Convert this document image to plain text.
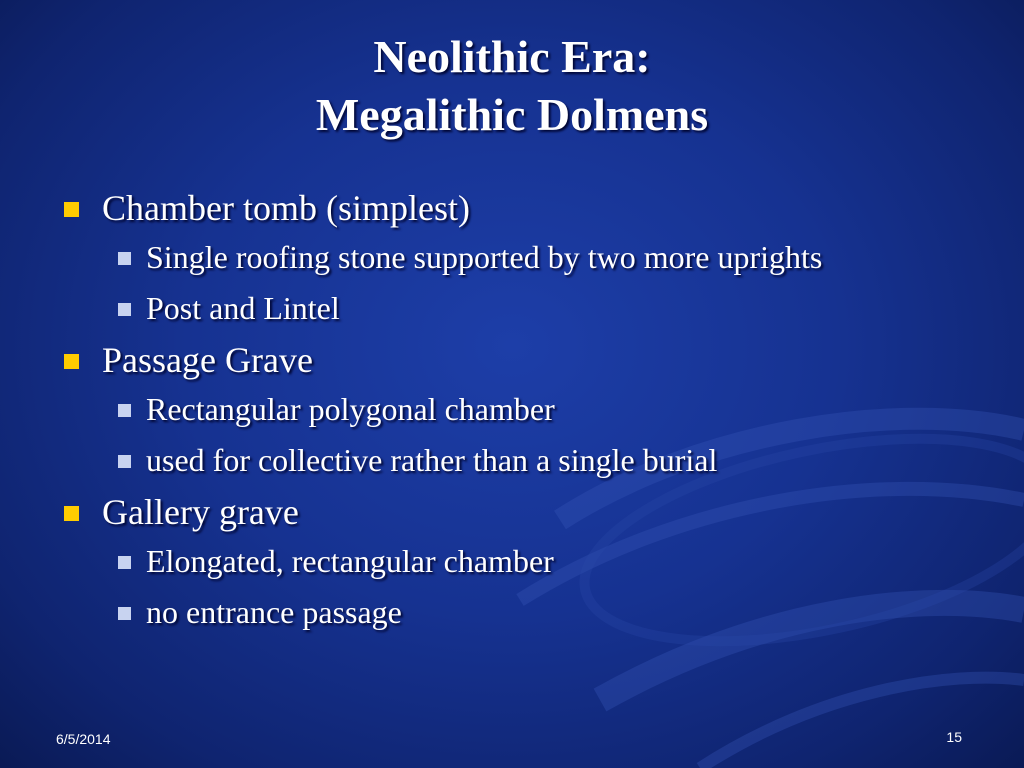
Neolithic Era:
Megalithic Dolmens
Chamber tomb (simplest)
Single roofing stone supported by two more uprights
Post and Lintel
Passage Grave
Rectangular polygonal chamber
used for collective rather than a single burial
Gallery grave
Elongated, rectangular chamber
no entrance passage
6/5/2014	15
